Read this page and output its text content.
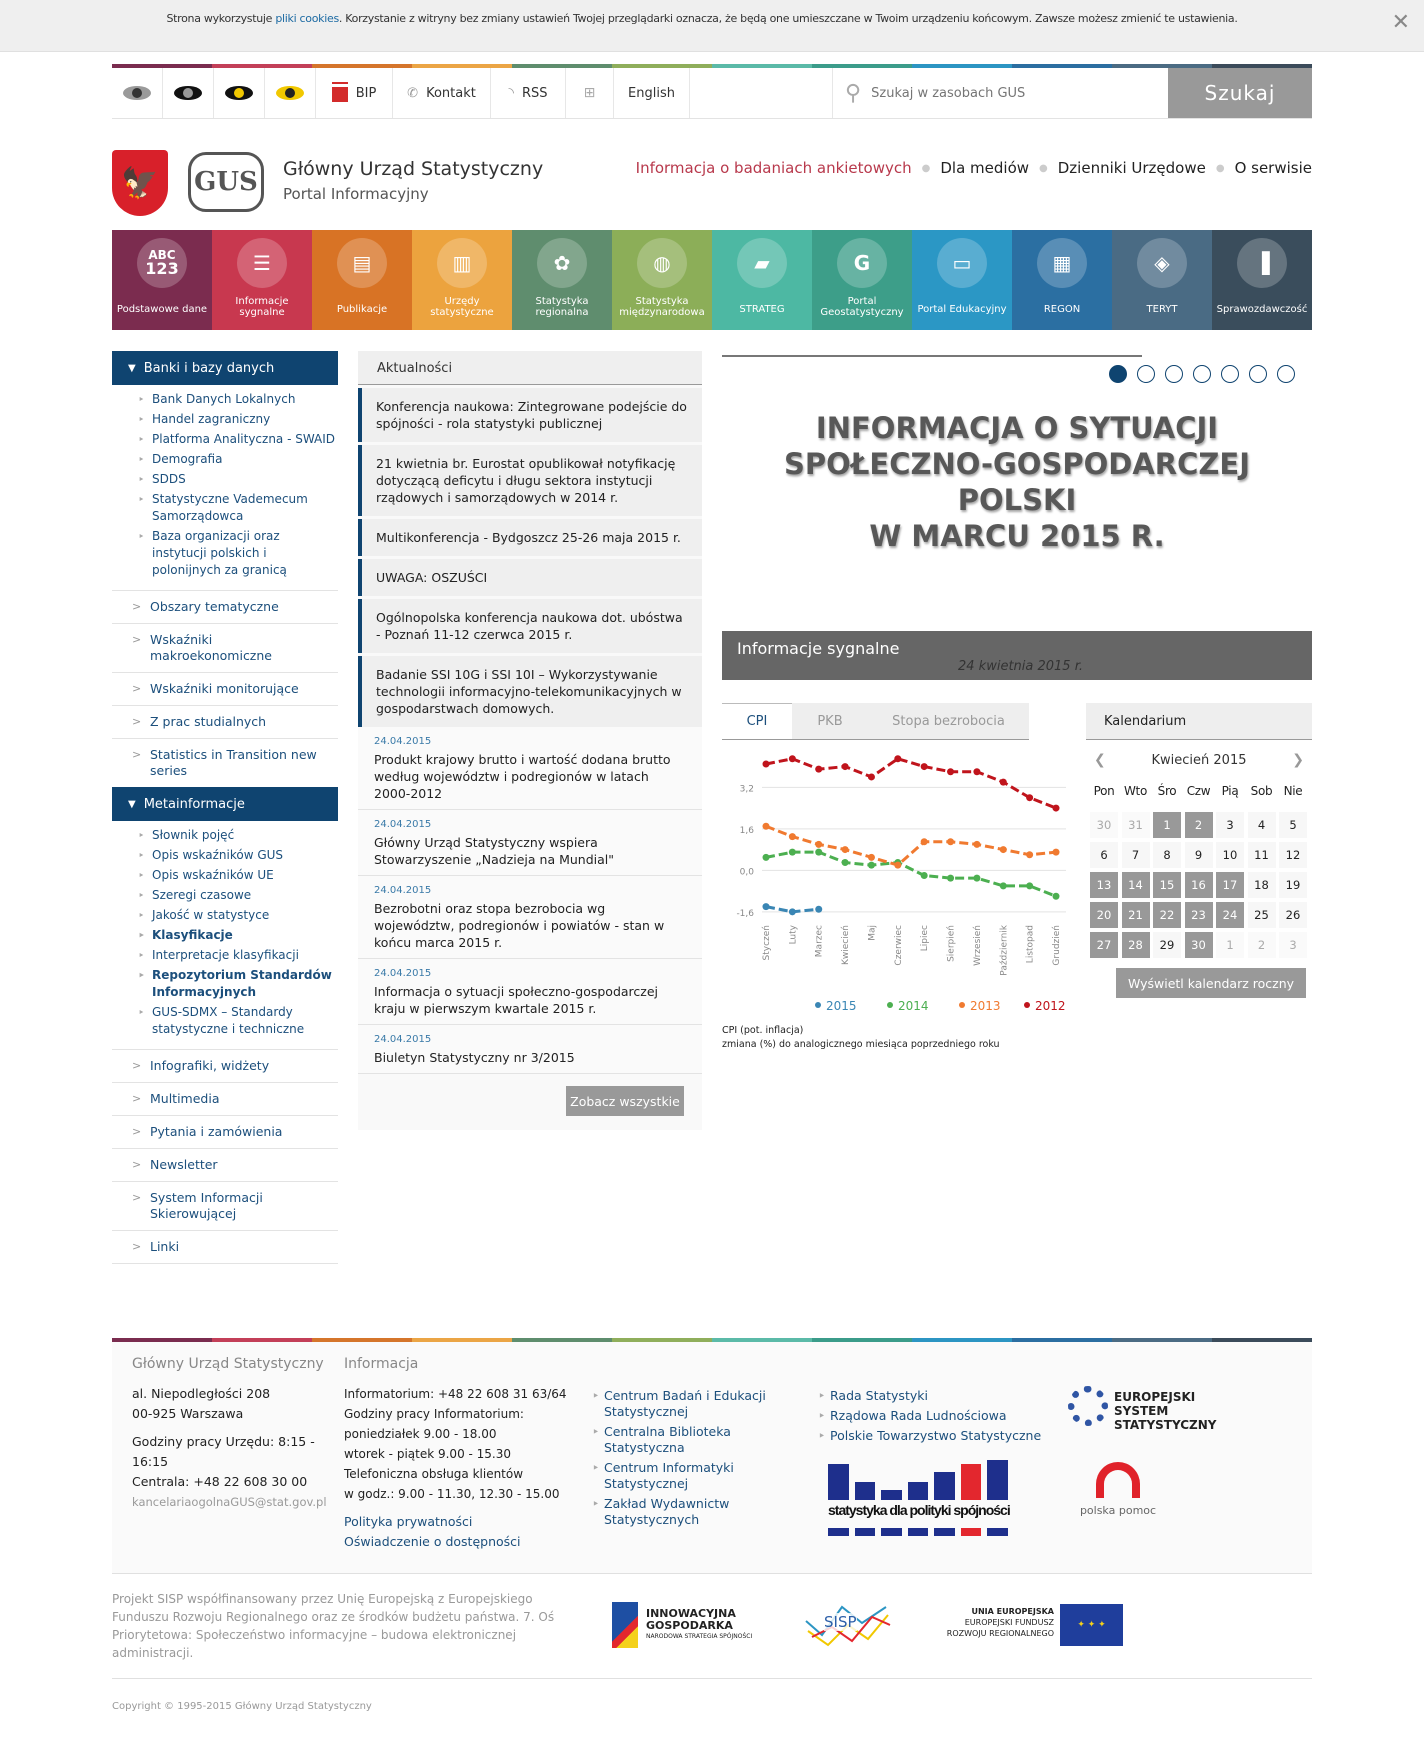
Strona wykorzystuje pliki cookies. Korzystanie z witryny bez zmiany ustawień Twojej przeglądarki oznacza, że będą one umieszczane w Twoim urządzeniu końcowym. Zawsze możesz zmienić te ustawienia.	✕
BIP ✆ Kontakt ◝ RSS	⊞	English	⚲
Szukaj w zasobach GUS	Szukaj
🦅 GUS	Główny Urząd Statystyczny
Portal Informacyjny
Informacja o badaniach ankietowych ● Dla mediów ● Dzienniki Urzędowe ● O serwisie
ABC
123
Podstawowe dane
☰
Informacje sygnalne
▤
Publikacje
▥
Urzędy statystyczne
✿
Statystyka regionalna
◍
Statystyka międzynarodowa
▰
STRATEG
G
Portal Geostatystyczny
▭
Portal Edukacyjny
▦
REGON
◈
TERYT
▐
Sprawozdawczość
▼ Banki i bazy danych
‣ Bank Danych Lokalnych
‣ Handel zagraniczny
‣ Platforma Analityczna - SWAID
‣ Demografia
‣ SDDS
‣ Statystyczne Vademecum Samorządowca
‣ Baza organizacji oraz instytucji polskich i polonijnych za granicą
> Obszary tematyczne
> Wskaźniki makroekonomiczne
> Wskaźniki monitorujące
> Z prac studialnych
> Statistics in Transition new series
▼ Metainformacje
‣ Słownik pojęć
‣ Opis wskaźników GUS
‣ Opis wskaźników UE
‣ Szeregi czasowe
‣ Jakość w statystyce
‣ Klasyfikacje
‣ Interpretacje klasyfikacji
‣ Repozytorium Standardów Informacyjnych
‣ GUS-SDMX – Standardy statystyczne i techniczne
> Infografiki, widżety
> Multimedia
> Pytania i zamówienia
> Newsletter
> System Informacji Skierowującej
> Linki
Aktualności
Konferencja naukowa: Zintegrowane podejście do spójności - rola statystyki publicznej
21 kwietnia br. Eurostat opublikował notyfikację dotyczącą deficytu i długu sektora instytucji rządowych i samorządowych w 2014 r.
Multikonferencja - Bydgoszcz 25-26 maja 2015 r.
UWAGA: OSZUŚCI
Ogólnopolska konferencja naukowa dot. ubóstwa - Poznań 11-12 czerwca 2015 r.
Badanie SSI 10G i SSI 10I – Wykorzystywanie technologii informacyjno-telekomunikacyjnych w gospodarstwach domowych.
24.04.2015
Produkt krajowy brutto i wartość dodana brutto według województw i podregionów w latach 2000-2012
24.04.2015
Główny Urząd Statystyczny wspiera Stowarzyszenie „Nadzieja na Mundial"
24.04.2015
Bezrobotni oraz stopa bezrobocia wg województw, podregionów i powiatów - stan w końcu marca 2015 r.
24.04.2015
Informacja o sytuacji społeczno-gospodarczej kraju w pierwszym kwartale 2015 r.
24.04.2015
Biuletyn Statystyczny nr 3/2015
Zobacz wszystkie
INFORMACJA O SYTUACJI
SPOŁECZNO-GOSPODARCZEJ
POLSKI
W MARCU 2015 R.
Informacje sygnalne
24 kwietnia 2015 r.
CPI	PKB	Stopa bezrobocia
-1,6
0,0
1,6
3,2
Styczeń Luty Marzec Kwiecień Maj Czerwiec Lipiec Sierpień Wrzesień Październik Listopad Grudzień
2015	2014	2013	2012
CPI (pot. inflacja)
zmiana (%) do analogicznego miesiąca poprzedniego roku
Kalendarium
❮	Kwiecień 2015	❯
Pon Wto Śro Czw Pią	Sob Nie
30	31	1	2	3	4	5
6	7	8	9	10	11	12
13	14	15	16	17	18	19
20	21	22	23	24	25	26
27	28	29	30	1	2	3
Wyświetl kalendarz roczny
Główny Urząd Statystyczny
al. Niepodległości 208
00-925 Warszawa
Godziny pracy Urzędu: 8:15 - 16:15
Centrala: +48 22 608 30 00
kancelariaogolnaGUS@stat.gov.pl
Informacja
Informatorium: +48 22 608 31 63/64
Godziny pracy Informatorium:
poniedziałek 9.00 - 18.00
wtorek - piątek 9.00 - 15.30
Telefoniczna obsługa klientów
w godz.: 9.00 - 11.30, 12.30 - 15.00
Polityka prywatności
Oświadczenie o dostępności
‣ Centrum Badań i Edukacji Statystycznej
‣ Centralna Biblioteka Statystyczna
‣ Centrum Informatyki Statystycznej
‣ Zakład Wydawnictw Statystycznych
‣ Rada Statystyki
‣ Rządowa Rada Ludnościowa
‣ Polskie Towarzystwo Statystyczne
statystyka dla polityki spójności
EUROPEJSKI
SYSTEM
STATYSTYCZNY
polska pomoc
Projekt SISP współfinansowany przez Unię Europejską z Europejskiego Funduszu Rozwoju Regionalnego oraz ze środków budżetu państwa. 7. Oś Priorytetowa: Społeczeństwo informacyjne – budowa elektronicznej administracji.
INNOWACYJNA
GOSPODARKA
NARODOWA STRATEGIA SPÓJNOŚCI
SISP
UNIA EUROPEJSKA
EUROPEJSKI FUNDUSZ
ROZWOJU REGIONALNEGO
✦ ✦ ✦
Copyright © 1995-2015 Główny Urząd Statystyczny
